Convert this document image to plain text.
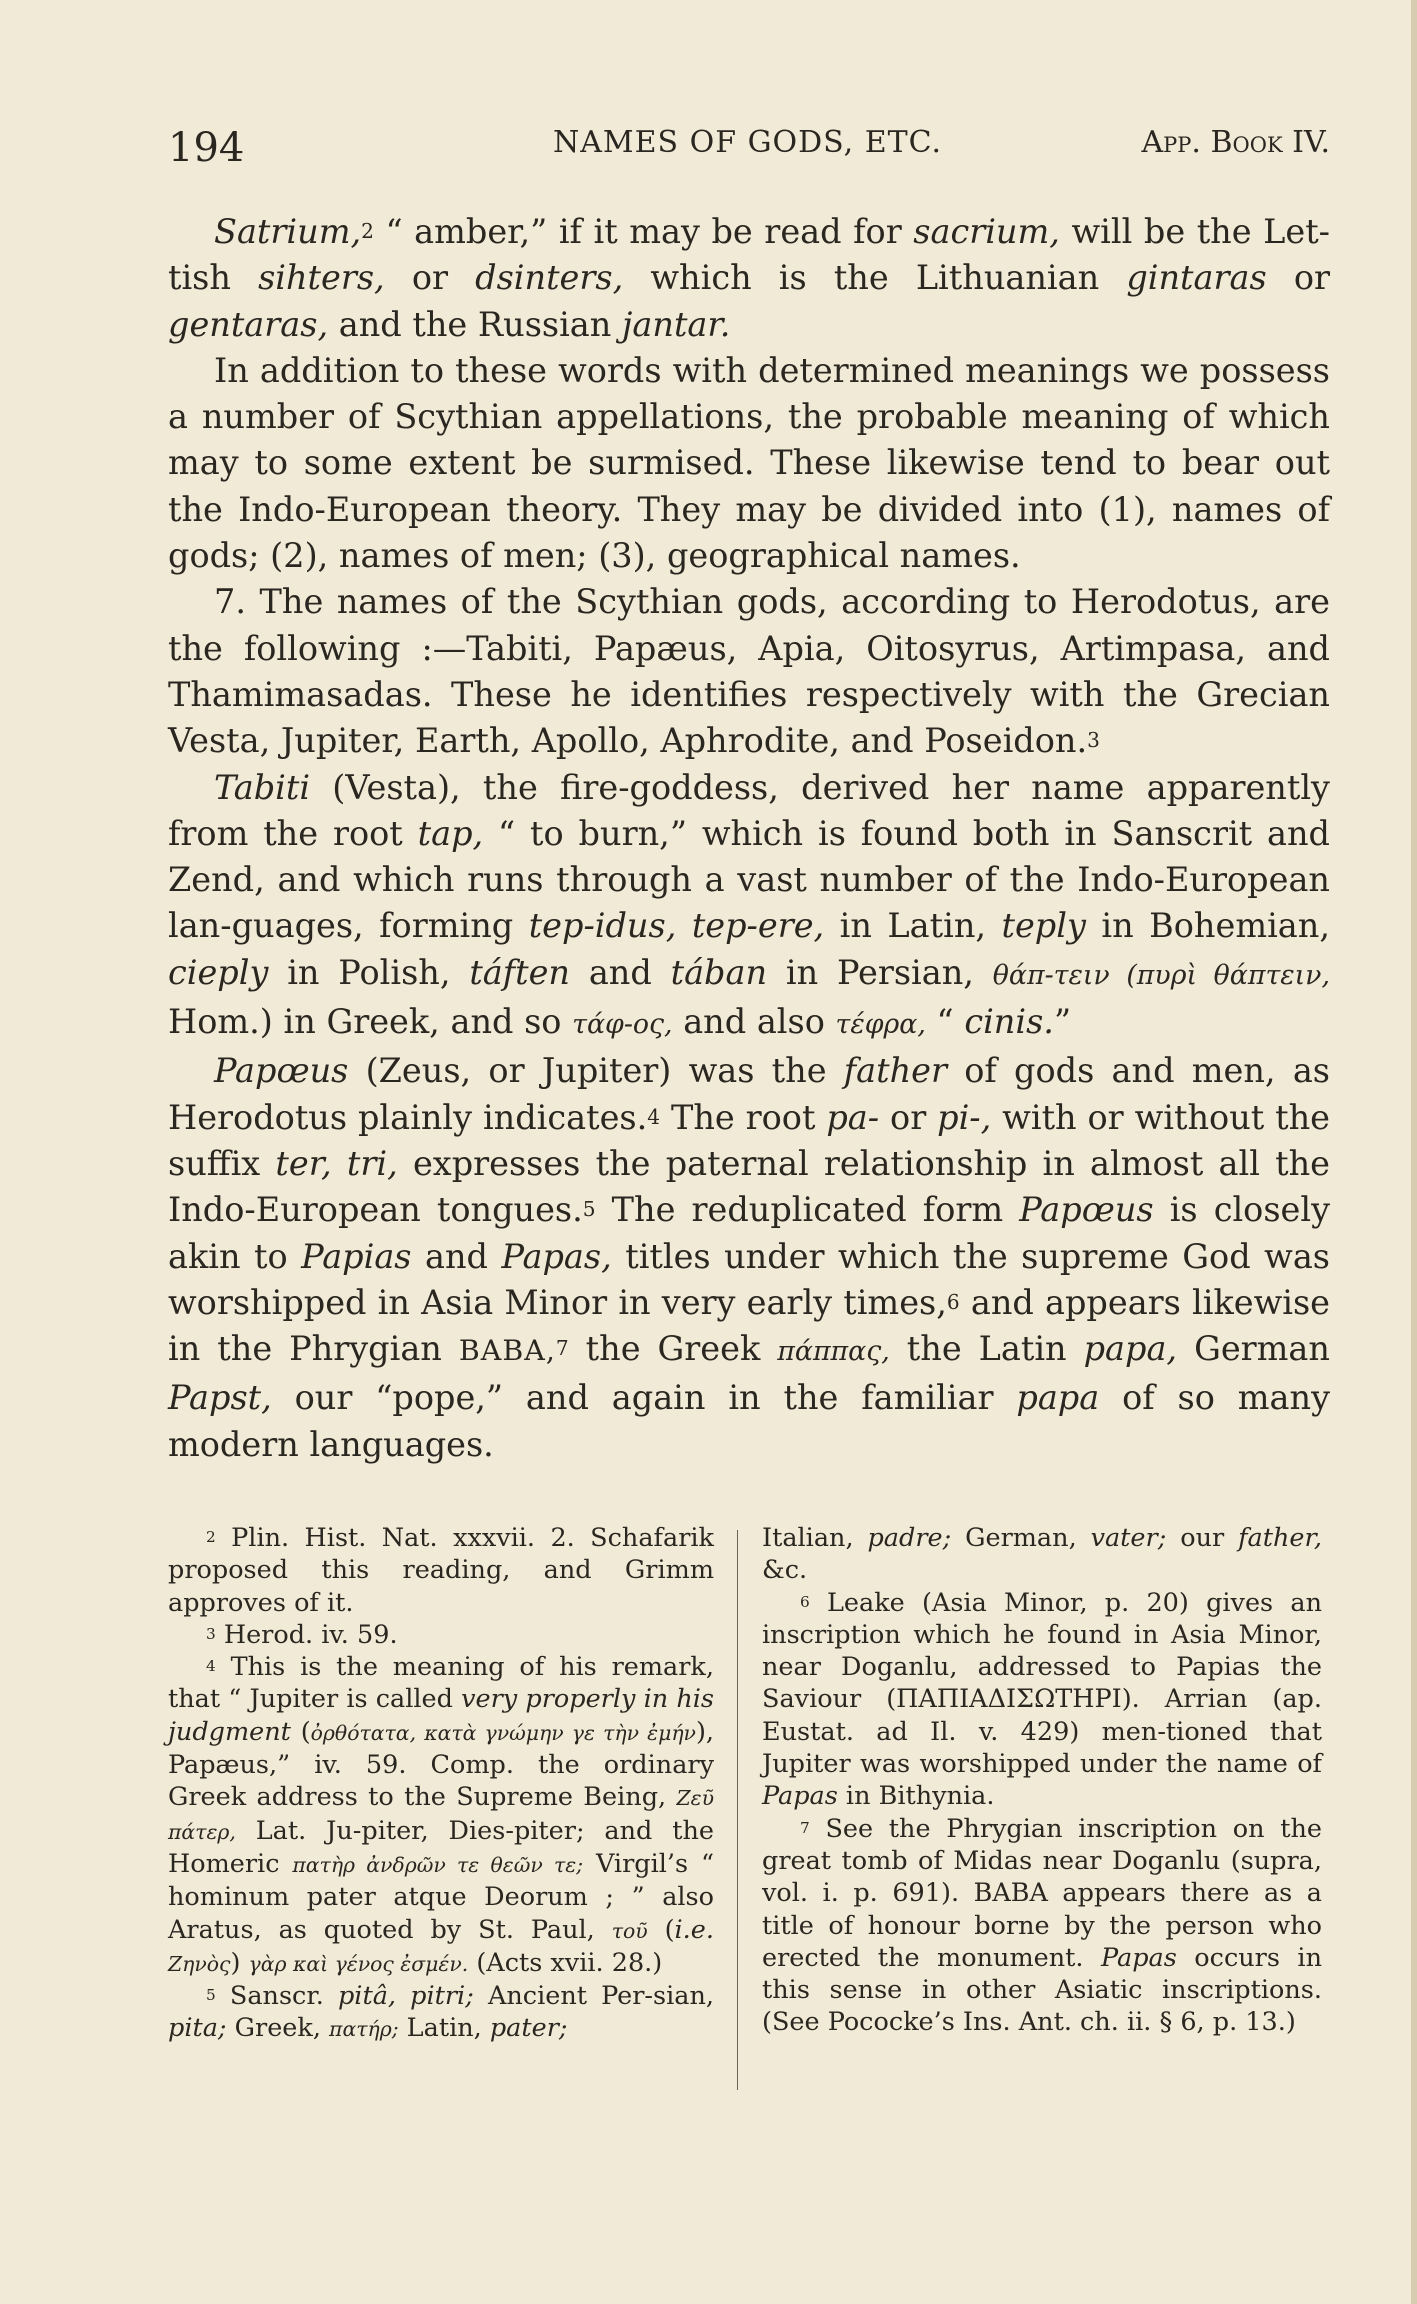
194	NAMES OF GODS, ETC.	App. Book IV.

Satrium,$^2$ “ amber,” if it may be read for sacrium, will be the Let-tish sihters, or dsinters, which is the Lithuanian gintaras or gentaras, and the Russian jantar.

In addition to these words with determined meanings we possess a number of Scythian appellations, the probable meaning of which may to some extent be surmised. These likewise tend to bear out the Indo-European theory. They may be divided into (1), names of gods; (2), names of men; (3), geographical names.

7. The names of the Scythian gods, according to Herodotus, are the following :—Tabiti, Papæus, Apia, Oitosyrus, Artimpasa, and Thamimasadas. These he identifies respectively with the Grecian Vesta, Jupiter, Earth, Apollo, Aphrodite, and Poseidon.$^3$

Tabiti (Vesta), the fire-goddess, derived her name apparently from the root tap, “ to burn,” which is found both in Sanscrit and Zend, and which runs through a vast number of the Indo-European lan-guages, forming tep-idus, tep-ere, in Latin, teply in Bohemian, cieply in Polish, táften and tában in Persian, θάπ-τειν (πυρὶ θάπτειν, Hom.) in Greek, and so τάφ-ος, and also τέφρα, “ cinis.”

Papœus (Zeus, or Jupiter) was the father of gods and men, as Herodotus plainly indicates.$^4$ The root pa- or pi-, with or without the suffix ter, tri, expresses the paternal relationship in almost all the Indo-European tongues.$^5$ The reduplicated form Papœus is closely akin to Papias and Papas, titles under which the supreme God was worshipped in Asia Minor in very early times,$^6$ and appears likewise in the Phrygian BABA,$^7$ the Greek πάππας, the Latin papa, German Papst, our “pope,” and again in the familiar papa of so many modern languages.

$^2$ Plin. Hist. Nat. xxxvii. 2. Schafarik proposed this reading, and Grimm approves of it.

$^3$ Herod. iv. 59.

$^4$ This is the meaning of his remark, that “ Jupiter is called very properly in his judgment (ὀρθότατα, κατὰ γνώμην γε τὴν ἐμήν), Papæus,” iv. 59. Comp. the ordinary Greek address to the Supreme Being, Ζεῦ πάτερ, Lat. Ju-piter, Dies-piter; and the Homeric πατὴρ ἀνδρῶν τε θεῶν τε; Virgil’s “ hominum pater atque Deorum ; ” also Aratus, as quoted by St. Paul, τοῦ (i.e. Ζηνὸς) γὰρ καὶ γένος ἐσμέν. (Acts xvii. 28.)

$^5$ Sanscr. pitâ, pitri; Ancient Per-sian, pita; Greek, πατήρ; Latin, pater;

Italian, padre; German, vater; our father, &c.

$^6$ Leake (Asia Minor, p. 20) gives an inscription which he found in Asia Minor, near Doganlu, addressed to Papias the Saviour (ΠΑΠΙΑΔΙΣΩΤΗΡΙ). Arrian (ap. Eustat. ad Il. v. 429) men-tioned that Jupiter was worshipped under the name of Papas in Bithynia.

$^7$ See the Phrygian inscription on the great tomb of Midas near Doganlu (supra, vol. i. p. 691). BABA appears there as a title of honour borne by the person who erected the monument. Papas occurs in this sense in other Asiatic inscriptions. (See Pococke’s Ins. Ant. ch. ii. § 6, p. 13.)
